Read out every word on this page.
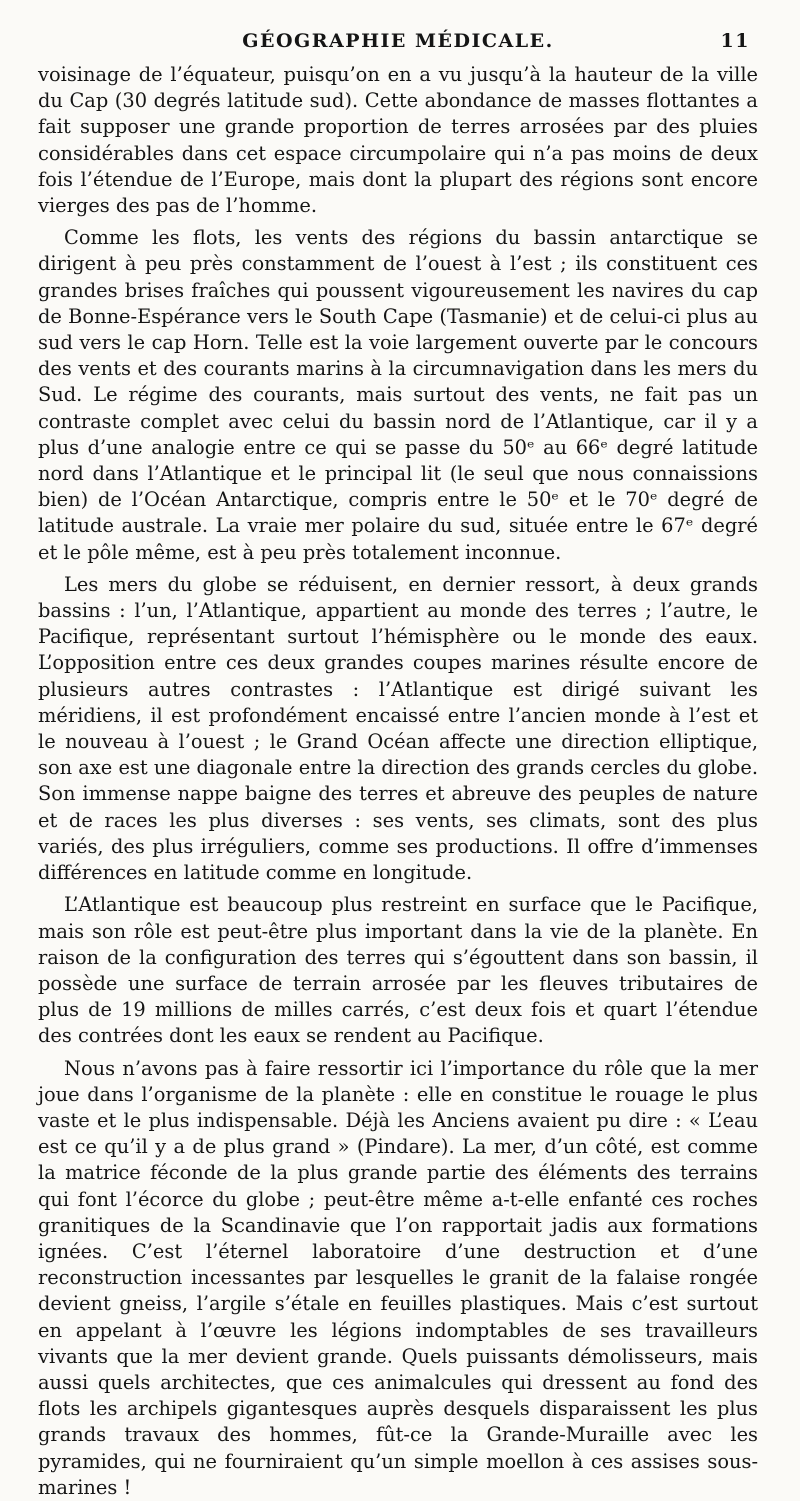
GÉOGRAPHIE MÉDICALE.	11

voisinage de l’équateur, puisqu’on en a vu jusqu’à la hauteur de la ville du Cap (30 degrés latitude sud). Cette abondance de masses flottantes a fait supposer une grande proportion de terres arrosées par des pluies considérables dans cet espace circumpolaire qui n’a pas moins de deux fois l’étendue de l’Europe, mais dont la plupart des régions sont encore vierges des pas de l’homme.

Comme les flots, les vents des régions du bassin antarctique se dirigent à peu près constamment de l’ouest à l’est ; ils constituent ces grandes brises fraîches qui poussent vigoureusement les navires du cap de Bonne-Espérance vers le South Cape (Tasmanie) et de celui-ci plus au sud vers le cap Horn. Telle est la voie largement ouverte par le concours des vents et des courants marins à la circumnavigation dans les mers du Sud. Le régime des courants, mais surtout des vents, ne fait pas un contraste complet avec celui du bassin nord de l’Atlantique, car il y a plus d’une analogie entre ce qui se passe du 50ᵉ au 66ᵉ degré latitude nord dans l’Atlantique et le principal lit (le seul que nous connaissions bien) de l’Océan Antarctique, compris entre le 50ᵉ et le 70ᵉ degré de latitude australe. La vraie mer polaire du sud, située entre le 67ᵉ degré et le pôle même, est à peu près totalement inconnue.

Les mers du globe se réduisent, en dernier ressort, à deux grands bassins : l’un, l’Atlantique, appartient au monde des terres ; l’autre, le Pacifique, représentant surtout l’hémisphère ou le monde des eaux. L’opposition entre ces deux grandes coupes marines résulte encore de plusieurs autres contrastes : l’Atlantique est dirigé suivant les méridiens, il est profondément encaissé entre l’ancien monde à l’est et le nouveau à l’ouest ; le Grand Océan affecte une direction elliptique, son axe est une diagonale entre la direction des grands cercles du globe. Son immense nappe baigne des terres et abreuve des peuples de nature et de races les plus diverses : ses vents, ses climats, sont des plus variés, des plus irréguliers, comme ses productions. Il offre d’immenses différences en latitude comme en longitude.

L’Atlantique est beaucoup plus restreint en surface que le Pacifique, mais son rôle est peut-être plus important dans la vie de la planète. En raison de la configuration des terres qui s’égouttent dans son bassin, il possède une surface de terrain arrosée par les fleuves tributaires de plus de 19 millions de milles carrés, c’est deux fois et quart l’étendue des contrées dont les eaux se rendent au Pacifique.

Nous n’avons pas à faire ressortir ici l’importance du rôle que la mer joue dans l’organisme de la planète : elle en constitue le rouage le plus vaste et le plus indispensable. Déjà les Anciens avaient pu dire : « L’eau est ce qu’il y a de plus grand » (Pindare). La mer, d’un côté, est comme la matrice féconde de la plus grande partie des éléments des terrains qui font l’écorce du globe ; peut-être même a-t-elle enfanté ces roches granitiques de la Scandinavie que l’on rapportait jadis aux formations ignées. C’est l’éternel laboratoire d’une destruction et d’une reconstruction incessantes par lesquelles le granit de la falaise rongée devient gneiss, l’argile s’étale en feuilles plastiques. Mais c’est surtout en appelant à l’œuvre les légions indomptables de ses travailleurs vivants que la mer devient grande. Quels puissants démolisseurs, mais aussi quels architectes, que ces animalcules qui dressent au fond des flots les archipels gigantesques auprès desquels disparaissent les plus grands travaux des hommes, fût-ce la Grande-Muraille avec les pyramides, qui ne fourniraient qu’un simple moellon à ces assises sous-marines !
